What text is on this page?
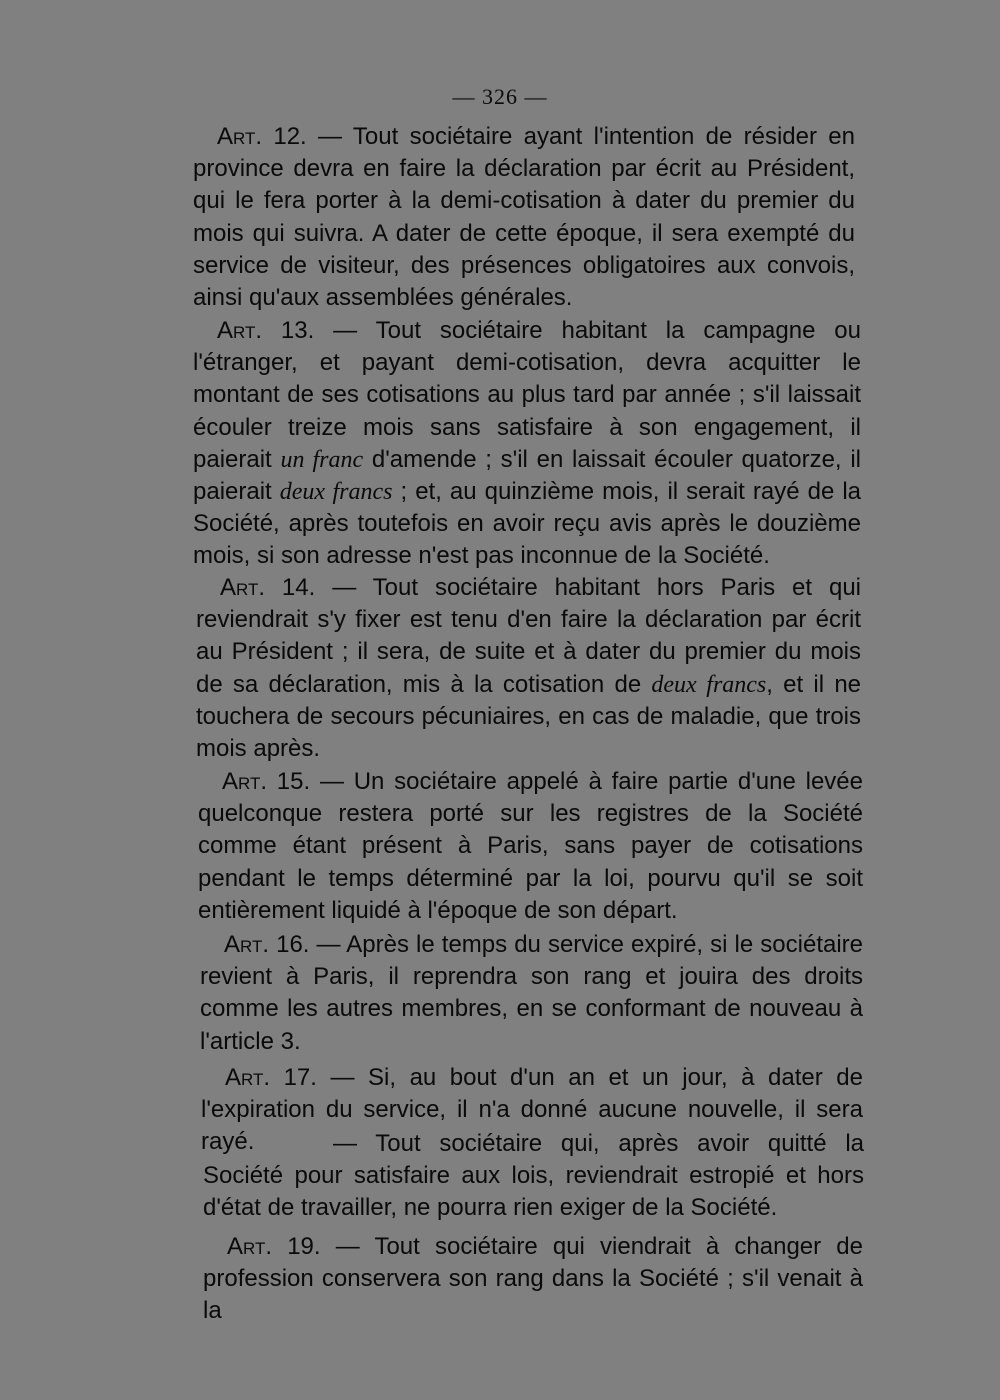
— 326 —

Art. 12. — Tout sociétaire ayant l'intention de résider en province devra en faire la déclaration par écrit au Président, qui le fera porter à la demi-cotisation à dater du premier du mois qui suivra. A dater de cette époque, il sera exempté du service de visiteur, des présences obligatoires aux convois, ainsi qu'aux assemblées générales.

Art. 13. — Tout sociétaire habitant la campagne ou l'étranger, et payant demi-cotisation, devra acquitter le montant de ses cotisations au plus tard par année ; s'il laissait écouler treize mois sans satisfaire à son engagement, il paierait un franc d'amende ; s'il en laissait écouler quatorze, il paierait deux francs ; et, au quinzième mois, il serait rayé de la Société, après toutefois en avoir reçu avis après le douzième mois, si son adresse n'est pas inconnue de la Société.

Art. 14. — Tout sociétaire habitant hors Paris et qui reviendrait s'y fixer est tenu d'en faire la déclaration par écrit au Président ; il sera, de suite et à dater du premier du mois de sa déclaration, mis à la cotisation de deux francs, et il ne touchera de secours pécuniaires, en cas de maladie, que trois mois après.

Art. 15. — Un sociétaire appelé à faire partie d'une levée quelconque restera porté sur les registres de la Société comme étant présent à Paris, sans payer de cotisations pendant le temps déterminé par la loi, pourvu qu'il se soit entièrement liquidé à l'époque de son départ.

Art. 16. — Après le temps du service expiré, si le sociétaire revient à Paris, il reprendra son rang et jouira des droits comme les autres membres, en se conformant de nouveau à l'article 3.

Art. 17. — Si, au bout d'un an et un jour, à dater de l'expiration du service, il n'a donné aucune nouvelle, il sera rayé.	— Tout sociétaire qui, après avoir quitté la Société pour satisfaire aux lois, reviendrait estropié et hors d'état de travailler, ne pourra rien exiger de la Société.

Art. 19. — Tout sociétaire qui viendrait à changer de profession conservera son rang dans la Société ; s'il venait à la
